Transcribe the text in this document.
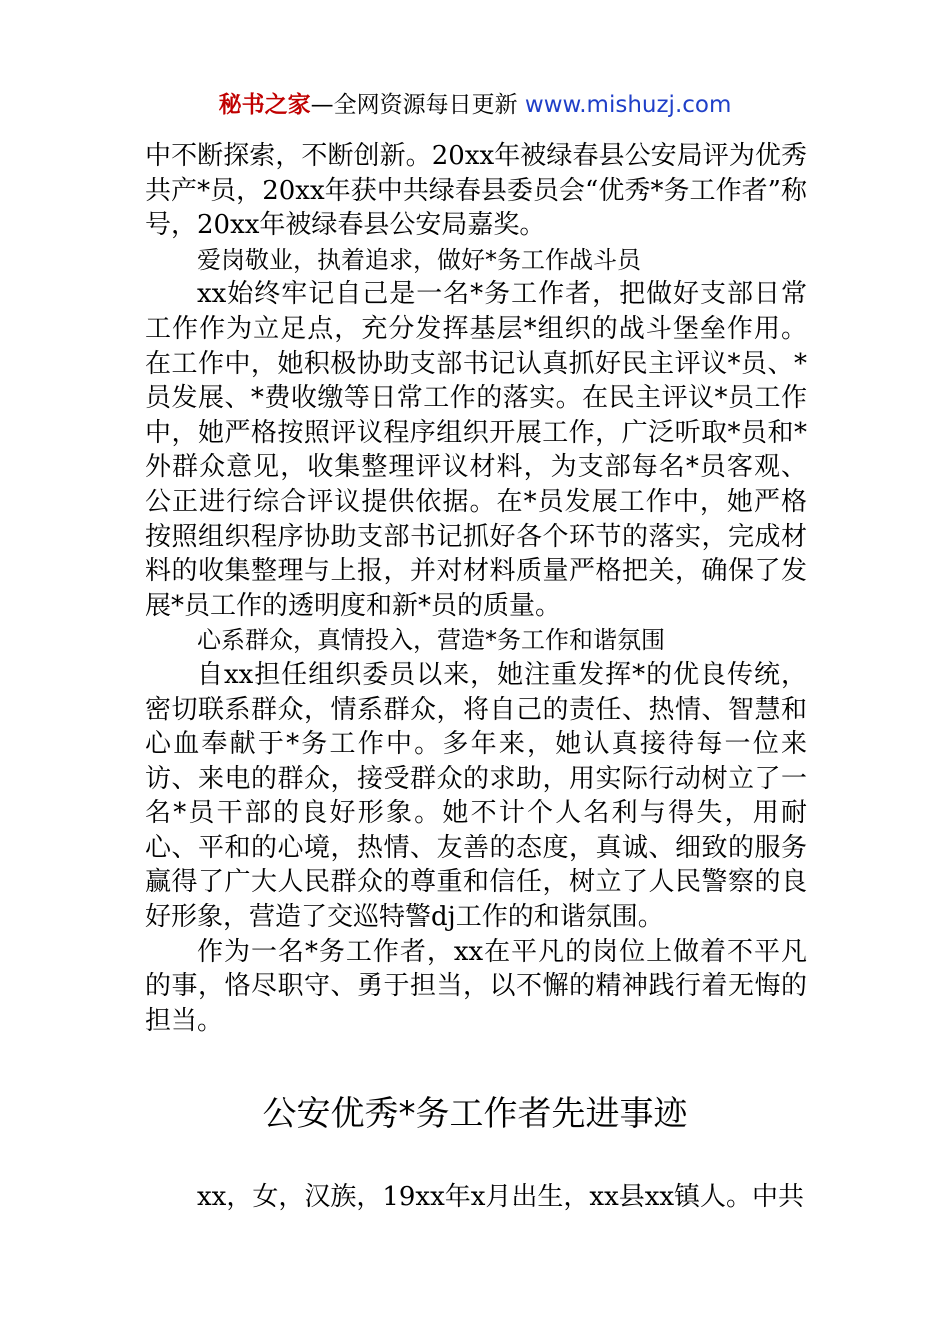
秘书之家—全网资源每日更新 www.mishuzj.com

中不断探索，不断创新。20xx年被绿春县公安局评为优秀共产*员，20xx年获中共绿春县委员会“优秀*务工作者”称号，20xx年被绿春县公安局嘉奖。

爱岗敬业，执着追求，做好*务工作战斗员

xx始终牢记自己是一名*务工作者，把做好支部日常工作作为立足点，充分发挥基层*组织的战斗堡垒作用。在工作中，她积极协助支部书记认真抓好民主评议*员、*员发展、*费收缴等日常工作的落实。在民主评议*员工作中，她严格按照评议程序组织开展工作，广泛听取*员和*外群众意见，收集整理评议材料，为支部每名*员客观、公正进行综合评议提供依据。在*员发展工作中，她严格按照组织程序协助支部书记抓好各个环节的落实，完成材料的收集整理与上报，并对材料质量严格把关，确保了发展*员工作的透明度和新*员的质量。

心系群众，真情投入，营造*务工作和谐氛围

自xx担任组织委员以来，她注重发挥*的优良传统，密切联系群众，情系群众，将自己的责任、热情、智慧和心血奉献于*务工作中。多年来，她认真接待每一位来访、来电的群众，接受群众的求助，用实际行动树立了一名*员干部的良好形象。她不计个人名利与得失，用耐心、平和的心境，热情、友善的态度，真诚、细致的服务赢得了广大人民群众的尊重和信任，树立了人民警察的良好形象，营造了交巡特警dj工作的和谐氛围。

作为一名*务工作者，xx在平凡的岗位上做着不平凡的事，恪尽职守、勇于担当，以不懈的精神践行着无悔的担当。

公安优秀*务工作者先进事迹

xx，女，汉族，19xx年x月出生，xx县xx镇人。中共
